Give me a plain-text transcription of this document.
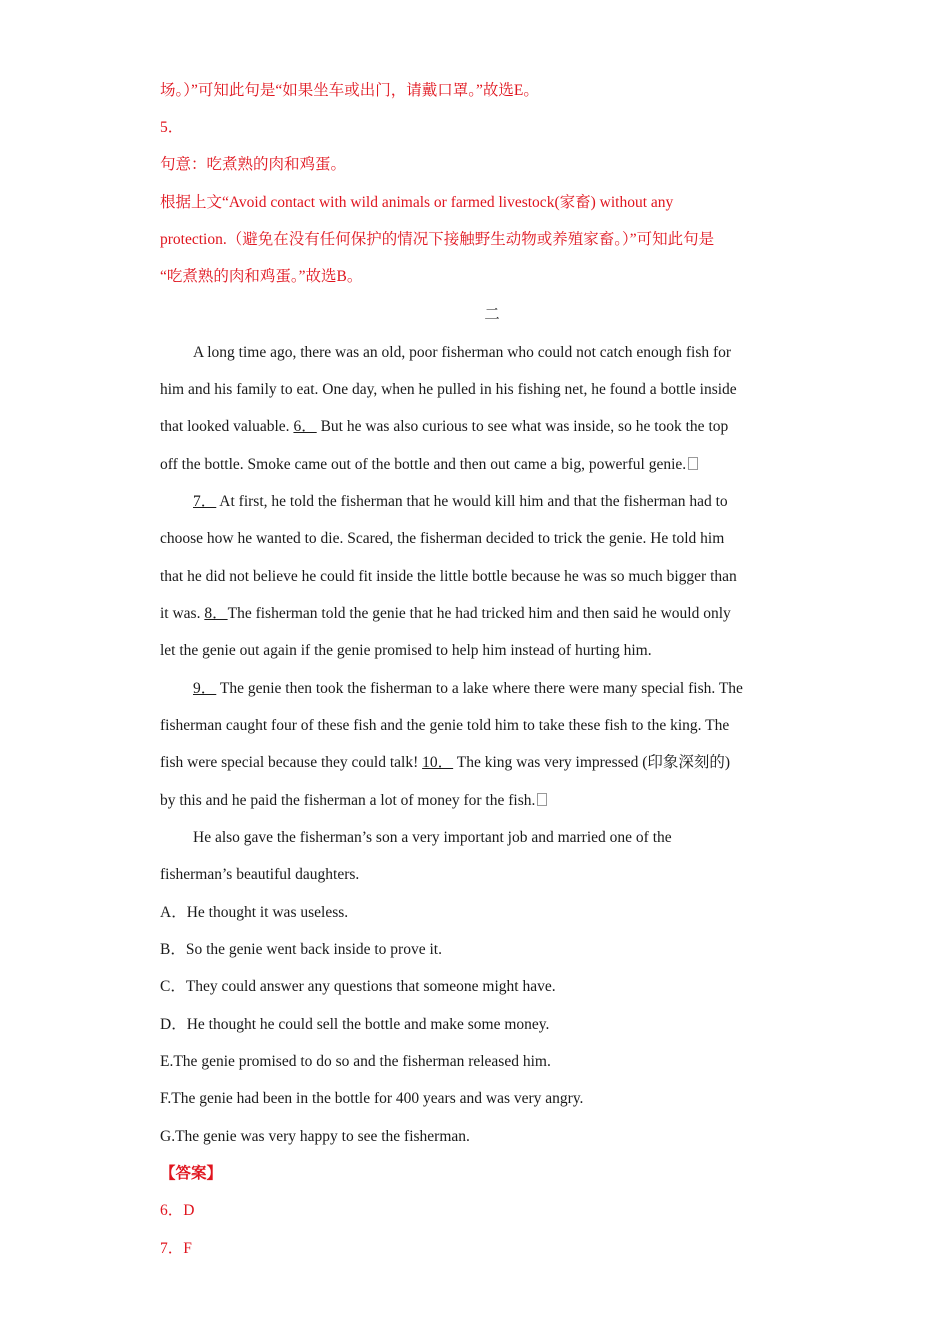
场。）”可知此句是“如果坐车或出门，请戴口罩。”故选E。
5．
句意：吃煮熟的肉和鸡蛋。
根据上文“Avoid contact with wild animals or farmed livestock(家畜) without any
protection.（避免在没有任何保护的情况下接触野生动物或养殖家畜。）”可知此句是
“吃煮熟的肉和鸡蛋。”故选B。
二
A long time ago, there was an old, poor fisherman who could not catch enough fish for
him and his family to eat. One day, when he pulled in his fishing net, he found a bottle inside
that looked valuable. 6． But he was also curious to see what was inside, so he took the top
off the bottle. Smoke came out of the bottle and then out came a big, powerful genie.
7． At first, he told the fisherman that he would kill him and that the fisherman had to
choose how he wanted to die. Scared, the fisherman decided to trick the genie. He told him
that he did not believe he could fit inside the little bottle because he was so much bigger than
it was. 8．The fisherman told the genie that he had tricked him and then said he would only
let the genie out again if the genie promised to help him instead of hurting him.
9． The genie then took the fisherman to a lake where there were many special fish. The
fisherman caught four of these fish and the genie told him to take these fish to the king. The
fish were special because they could talk! 10． The king was very impressed (印象深刻的)
by this and he paid the fisherman a lot of money for the fish.
He also gave the fisherman’s son a very important job and married one of the
fisherman’s beautiful daughters.
A．He thought it was useless.
B．So the genie went back inside to prove it.
C．They could answer any questions that someone might have.
D．He thought he could sell the bottle and make some money.
E.The genie promised to do so and the fisherman released him.
F.The genie had been in the bottle for 400 years and was very angry.
G.The genie was very happy to see the fisherman.
【答案】
6．D
7．F
